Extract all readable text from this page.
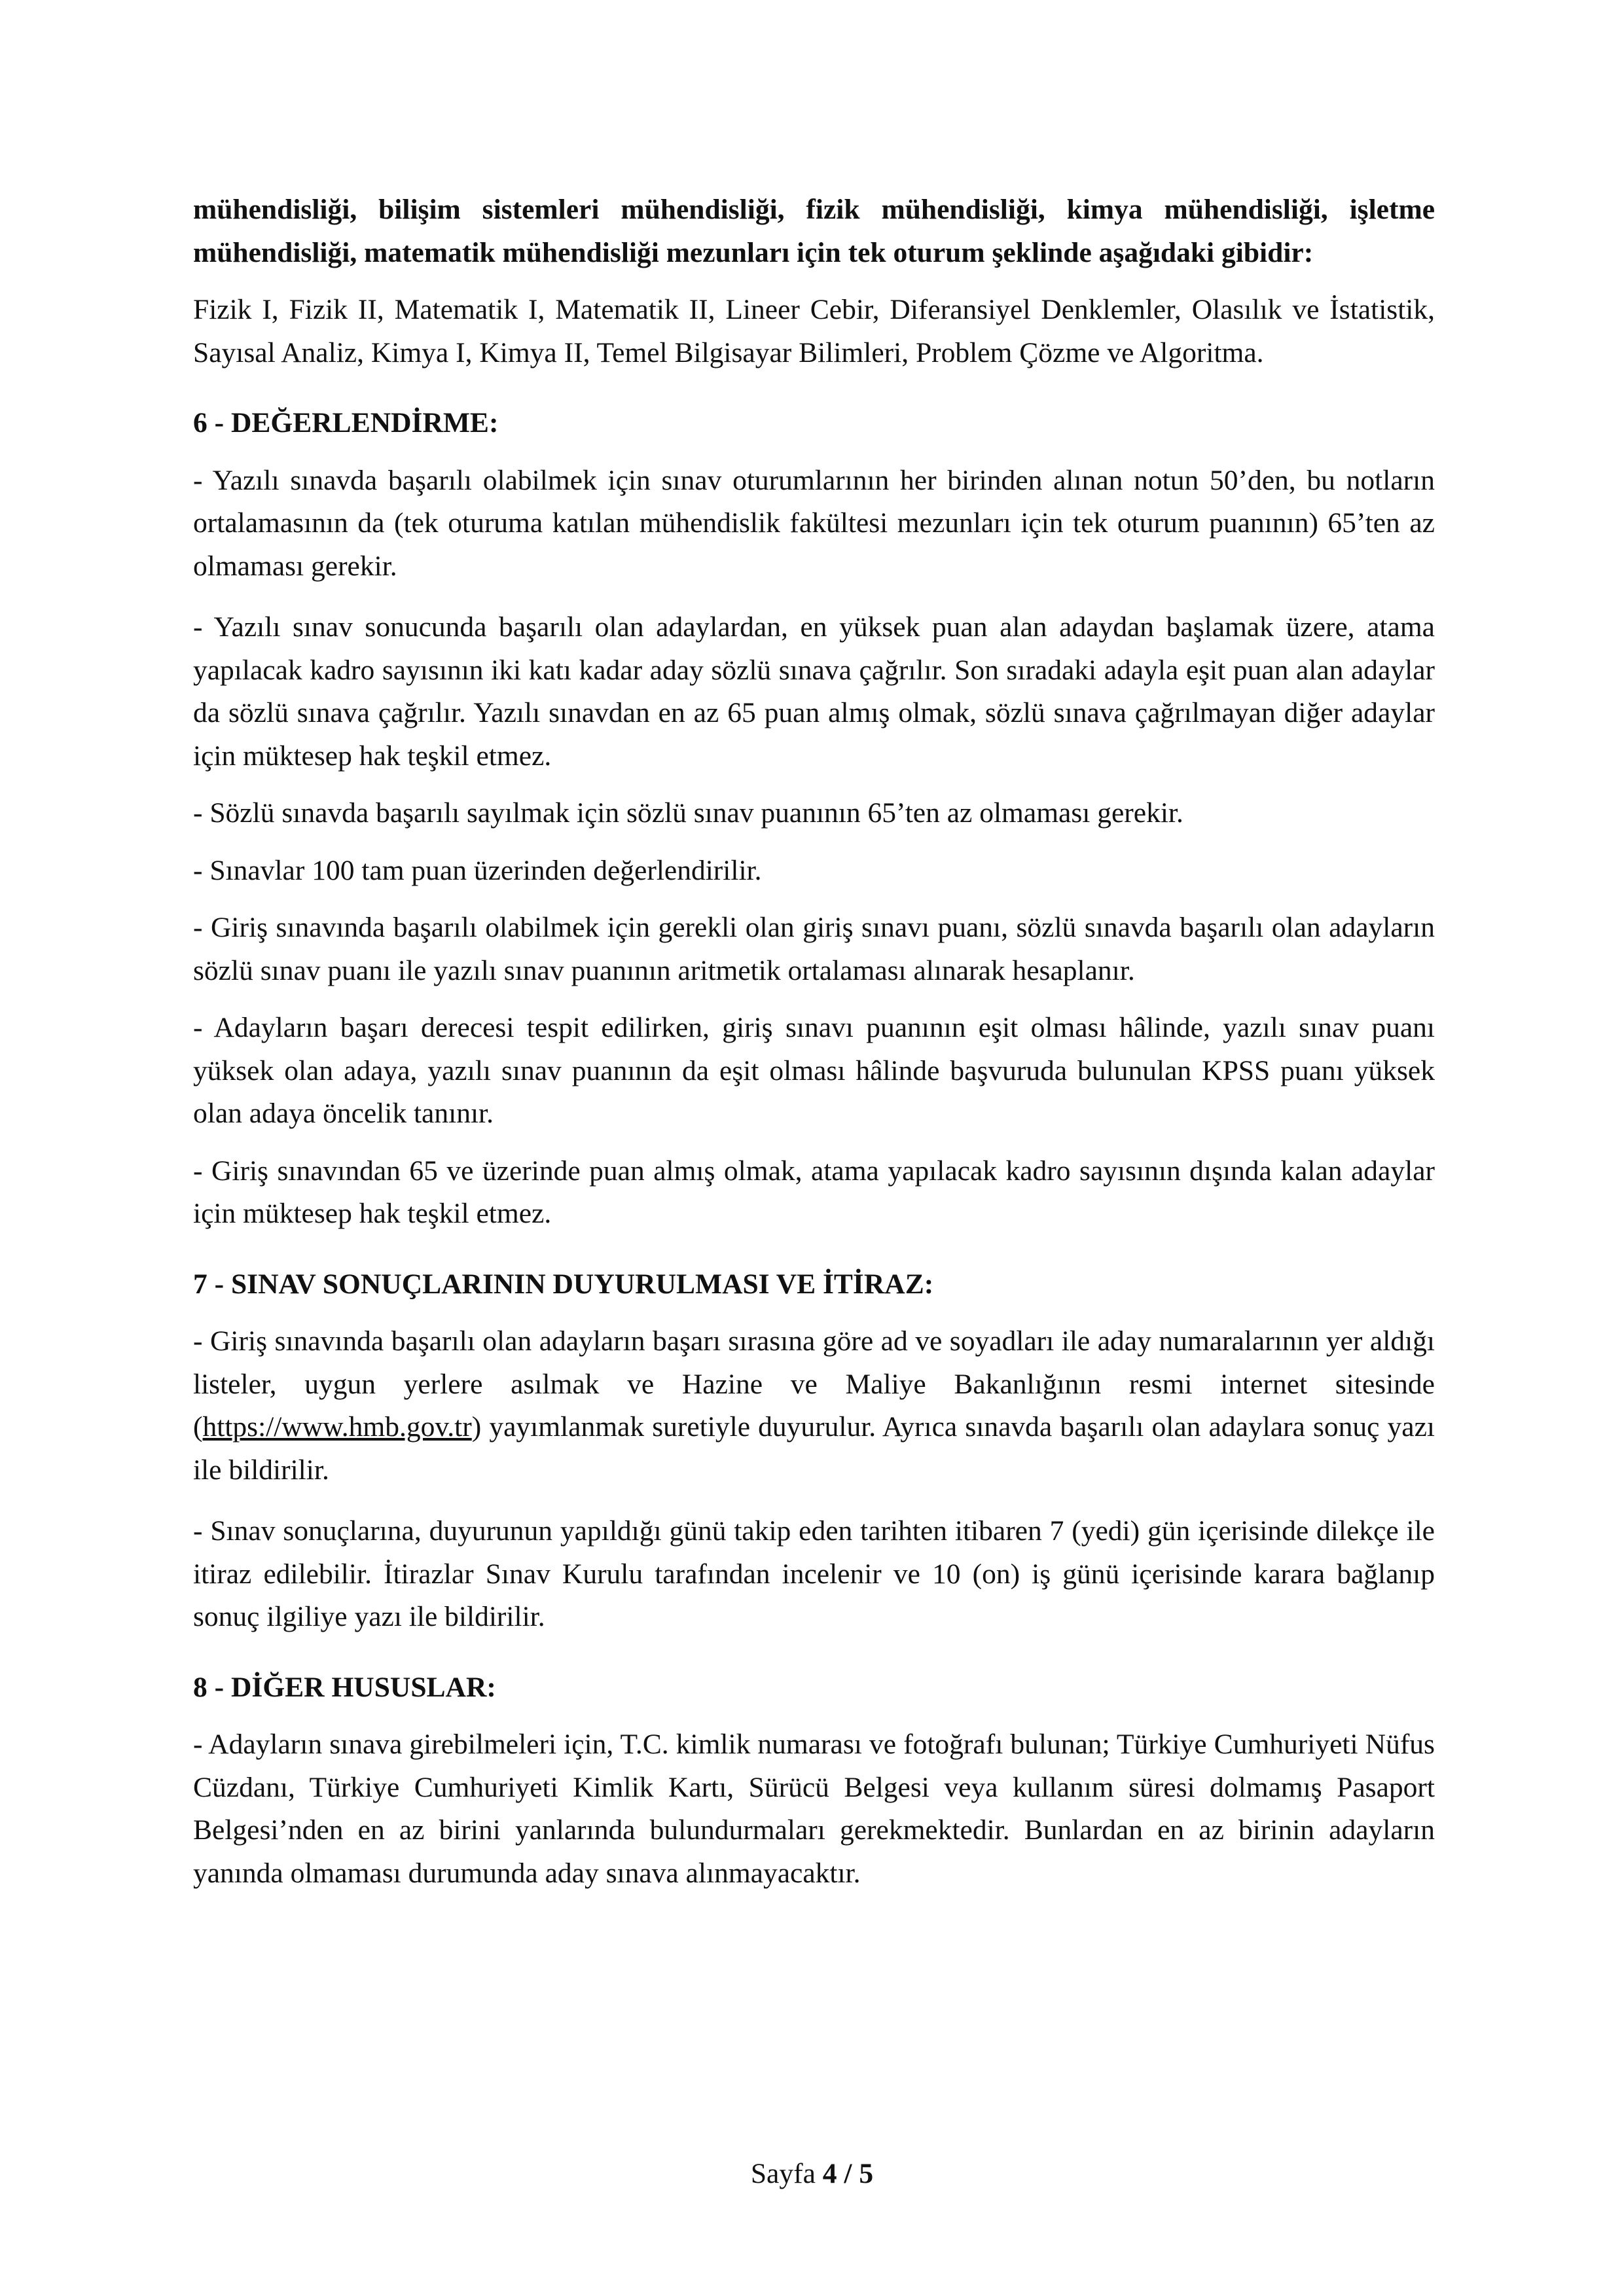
mühendisliği, bilişim sistemleri mühendisliği, fizik mühendisliği, kimya mühendisliği, işletme mühendisliği, matematik mühendisliği mezunları için tek oturum şeklinde aşağıdaki gibidir:

Fizik I, Fizik II, Matematik I, Matematik II, Lineer Cebir, Diferansiyel Denklemler, Olasılık ve İstatistik, Sayısal Analiz, Kimya I, Kimya II, Temel Bilgisayar Bilimleri, Problem Çözme ve Algoritma.

6 - DEĞERLENDİRME:

- Yazılı sınavda başarılı olabilmek için sınav oturumlarının her birinden alınan notun 50’den, bu notların ortalamasının da (tek oturuma katılan mühendislik fakültesi mezunları için tek oturum puanının) 65’ten az olmaması gerekir.

- Yazılı sınav sonucunda başarılı olan adaylardan, en yüksek puan alan adaydan başlamak üzere, atama yapılacak kadro sayısının iki katı kadar aday sözlü sınava çağrılır. Son sıradaki adayla eşit puan alan adaylar da sözlü sınava çağrılır. Yazılı sınavdan en az 65 puan almış olmak, sözlü sınava çağrılmayan diğer adaylar için müktesep hak teşkil etmez.

- Sözlü sınavda başarılı sayılmak için sözlü sınav puanının 65’ten az olmaması gerekir.

- Sınavlar 100 tam puan üzerinden değerlendirilir.

- Giriş sınavında başarılı olabilmek için gerekli olan giriş sınavı puanı, sözlü sınavda başarılı olan adayların sözlü sınav puanı ile yazılı sınav puanının aritmetik ortalaması alınarak hesaplanır.

- Adayların başarı derecesi tespit edilirken, giriş sınavı puanının eşit olması hâlinde, yazılı sınav puanı yüksek olan adaya, yazılı sınav puanının da eşit olması hâlinde başvuruda bulunulan KPSS puanı yüksek olan adaya öncelik tanınır.

- Giriş sınavından 65 ve üzerinde puan almış olmak, atama yapılacak kadro sayısının dışında kalan adaylar için müktesep hak teşkil etmez.

7 - SINAV SONUÇLARININ DUYURULMASI VE İTİRAZ:

- Giriş sınavında başarılı olan adayların başarı sırasına göre ad ve soyadları ile aday numaralarının yer aldığı listeler, uygun yerlere asılmak ve Hazine ve Maliye Bakanlığının resmi internet sitesinde (https://www.hmb.gov.tr) yayımlanmak suretiyle duyurulur. Ayrıca sınavda başarılı olan adaylara sonuç yazı ile bildirilir.

- Sınav sonuçlarına, duyurunun yapıldığı günü takip eden tarihten itibaren 7 (yedi) gün içerisinde dilekçe ile itiraz edilebilir. İtirazlar Sınav Kurulu tarafından incelenir ve 10 (on) iş günü içerisinde karara bağlanıp sonuç ilgiliye yazı ile bildirilir.

8 - DİĞER HUSUSLAR:

- Adayların sınava girebilmeleri için, T.C. kimlik numarası ve fotoğrafı bulunan; Türkiye Cumhuriyeti Nüfus Cüzdanı, Türkiye Cumhuriyeti Kimlik Kartı, Sürücü Belgesi veya kullanım süresi dolmamış Pasaport Belgesi’nden en az birini yanlarında bulundurmaları gerekmektedir. Bunlardan en az birinin adayların yanında olmaması durumunda aday sınava alınmayacaktır.

Sayfa 4 / 5
